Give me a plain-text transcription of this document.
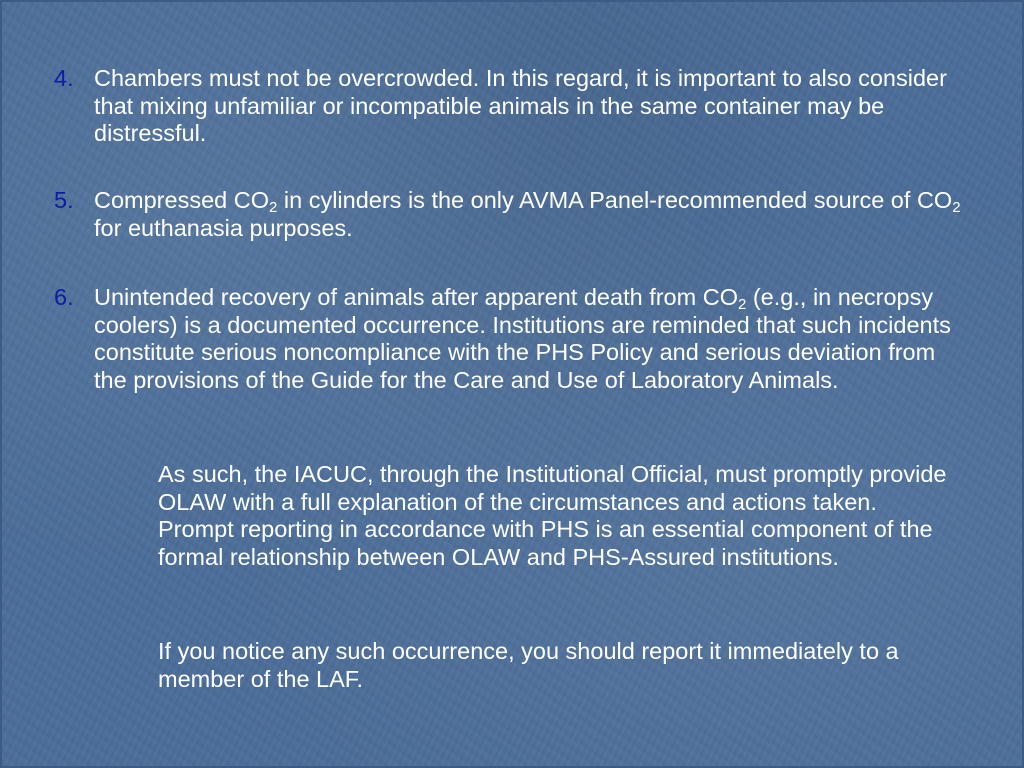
4. Chambers must not be overcrowded. In this regard, it is important to also consider that mixing unfamiliar or incompatible animals in the same container may be distressful.
5. Compressed $CO_2$ in cylinders is the only AVMA Panel-recommended source of $CO_2$ for euthanasia purposes.
6. Unintended recovery of animals after apparent death from $CO_2$ (e.g., in necropsy coolers) is a documented occurrence. Institutions are reminded that such incidents constitute serious noncompliance with the PHS Policy and serious deviation from the provisions of the Guide for the Care and Use of Laboratory Animals.
As such, the IACUC, through the Institutional Official, must promptly provide OLAW with a full explanation of the circumstances and actions taken. Prompt reporting in accordance with PHS is an essential component of the formal relationship between OLAW and PHS-Assured institutions.
If you notice any such occurrence, you should report it immediately to a member of the LAF.
